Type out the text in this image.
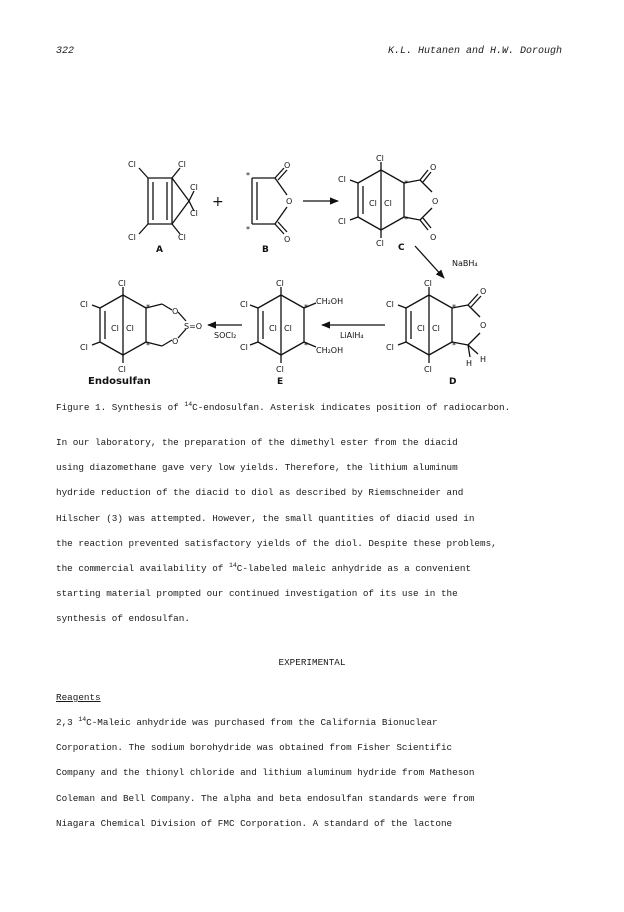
322	K.L. Hutanen and H.W. Dorough
Cl	Cl
Cl
Cl
Cl	Cl
A
+
*
*
O
O
O
B
Cl
Cl
Cl
Cl Cl
Cl
*
*
O
O
O
C
NaBH₄
Cl
Cl
Cl
Cl Cl
Cl
*
*
O
O
H H
D
LiAlH₄
Cl
Cl
Cl
Cl Cl
Cl
*
*
CH₂OH
CH₂OH
E
SOCl₂
Cl
Cl
Cl
Cl Cl
Cl
*
*
O
O
S=O
Endosulfan
Figure 1. Synthesis of $^{14}$C-endosulfan. Asterisk indicates position of radiocarbon.
In our laboratory, the preparation of the dimethyl ester from the diacid
using diazomethane gave very low yields. Therefore, the lithium aluminum
hydride reduction of the diacid to diol as described by Riemschneider and
Hilscher (3) was attempted. However, the small quantities of diacid used in
the reaction prevented satisfactory yields of the diol. Despite these problems,
the commercial availability of $^{14}$C-labeled maleic anhydride as a convenient
starting material prompted our continued investigation of its use in the
synthesis of endosulfan.
EXPERIMENTAL
Reagents
2,3 $^{14}$C-Maleic anhydride was purchased from the California Bionuclear
Corporation. The sodium borohydride was obtained from Fisher Scientific
Company and the thionyl chloride and lithium aluminum hydride from Matheson
Coleman and Bell Company. The alpha and beta endosulfan standards were from
Niagara Chemical Division of FMC Corporation. A standard of the lactone
